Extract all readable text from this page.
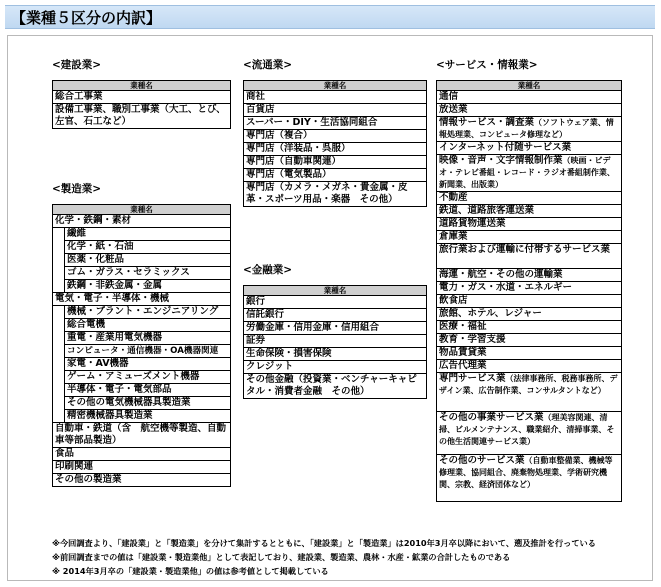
【業種５区分の内訳】
<建設業>
業種名
総合工事業
設備工事業、職別工事業（大工、とび、左官、石工など）
<製造業>
業種名	
化学・鉄鋼・素材	
	繊維
	化学・紙・石油
	医薬・化粧品
	ゴム・ガラス・セラミックス
	鉄鋼・非鉄金属・金属
電気・電子・半導体・機械	
	機械・プラント・エンジニアリング
	総合電機
	重電・産業用電気機器
	コンピュータ・通信機器・OA機器関連
	家電・AV機器
	ゲーム・アミューズメント機器
	半導体・電子・電気部品
	その他の電気機械器具製造業
	精密機械器具製造業
自動車・鉄道（含　航空機等製造、自動車等部品製造）	
食品	
印刷関連	
その他の製造業	
<流通業>
業種名
商社
百貨店
スーパー・DIY・生活協同組合
専門店（複合）
専門店（洋装品・呉服）
専門店（自動車関連）
専門店（電気製品）
専門店（カメラ・メガネ・貴金属・皮革・スポーツ用品・楽器　その他）
<金融業>
業種名
銀行
信託銀行
労働金庫・信用金庫・信用組合
証券
生命保険・損害保険
クレジット
その他金融（投資業・ベンチャーキャピタル・消費者金融　その他）
<サービス・情報業>
業種名
通信
放送業
情報サービス・調査業（ソフトウェア業、情報処理業、コンピュータ修理など）
インターネット付随サービス業
映像・音声・文字情報制作業（映画・ビデオ・テレビ番組・レコード・ラジオ番組制作業、新聞業、出版業）
不動産
鉄道、道路旅客運送業
道路貨物運送業
倉庫業
旅行業および運輸に付帯するサービス業
海運・航空・その他の運輸業
電力・ガス・水道・エネルギー
飲食店
旅館、ホテル、レジャー
医療・福祉
教育・学習支援
物品賃貸業
広告代理業
専門サービス業（法律事務所、税務事務所、デザイン業、広告制作業、コンサルタントなど）
その他の事業サービス業（理美容関連、清掃、ビルメンテナンス、職業紹介、清掃事業、その他生活関連サービス業）
その他のサービス業（自動車整備業、機械等修理業、協同組合、廃棄物処理業、学術研究機関、宗教、経済団体など）
※今回調査より、「建設業」と「製造業」を分けて集計するとともに、「建設業」と「製造業」は2010年3月卒以降において、遡及推計を行っている
※前回調査までの値は「建設業・製造業他」として表記しており、建設業、製造業、農林・水産・鉱業の合計したものである
※ 2014年3月卒の「建設業・製造業他」の値は参考値として掲載している
